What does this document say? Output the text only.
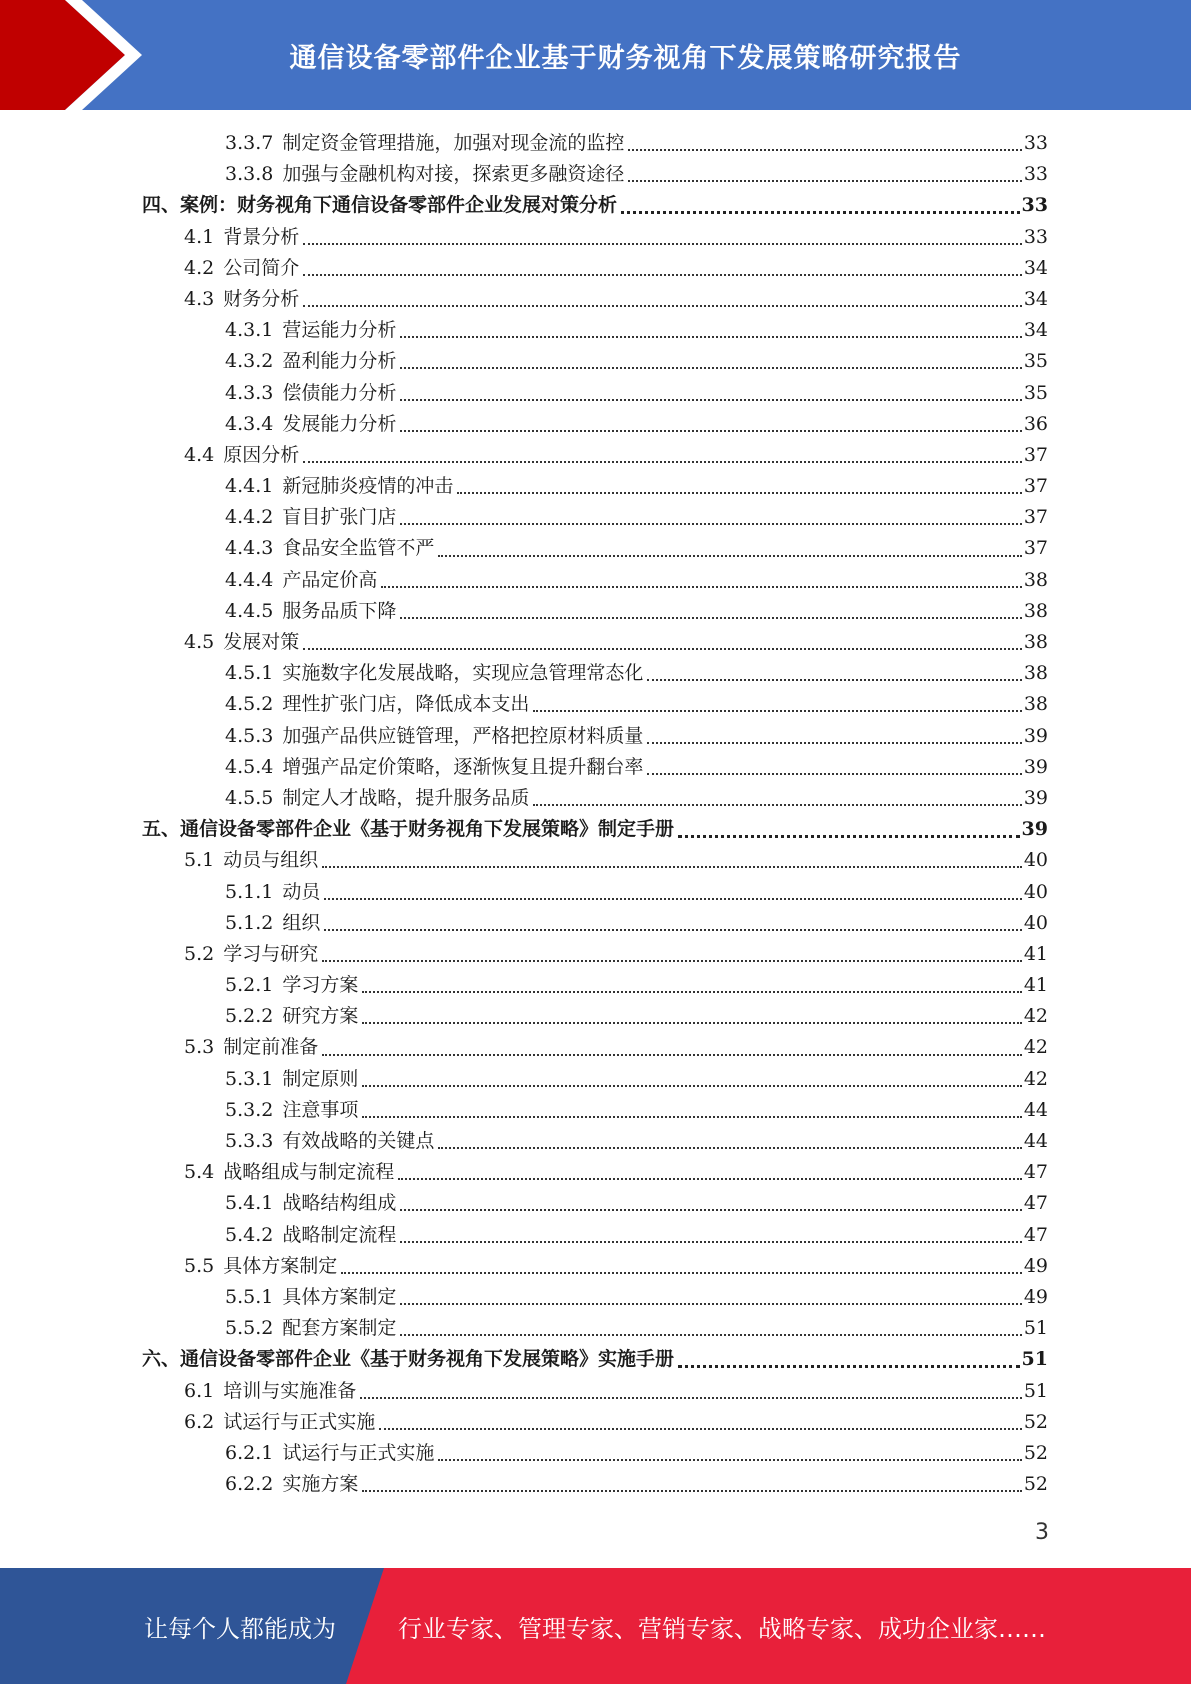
通信设备零部件企业基于财务视角下发展策略研究报告
3.3.7 制定资金管理措施，加强对现金流的监控	33
3.3.8 加强与金融机构对接，探索更多融资途径	33
四、 案例：财务视角下通信设备零部件企业发展对策分析	33
4.1 背景分析	33
4.2 公司简介	34
4.3 财务分析	34
4.3.1 营运能力分析	34
4.3.2 盈利能力分析	35
4.3.3 偿债能力分析	35
4.3.4 发展能力分析	36
4.4 原因分析	37
4.4.1 新冠肺炎疫情的冲击	37
4.4.2 盲目扩张门店	37
4.4.3 食品安全监管不严	37
4.4.4 产品定价高	38
4.4.5 服务品质下降	38
4.5 发展对策	38
4.5.1 实施数字化发展战略，实现应急管理常态化	38
4.5.2 理性扩张门店，降低成本支出	38
4.5.3 加强产品供应链管理，严格把控原材料质量	39
4.5.4 增强产品定价策略，逐渐恢复且提升翻台率	39
4.5.5 制定人才战略，提升服务品质	39
五、 通信设备零部件企业《基于财务视角下发展策略》制定手册	39
5.1 动员与组织	40
5.1.1 动员	40
5.1.2 组织	40
5.2 学习与研究	41
5.2.1 学习方案	41
5.2.2 研究方案	42
5.3 制定前准备	42
5.3.1 制定原则	42
5.3.2 注意事项	44
5.3.3 有效战略的关键点	44
5.4 战略组成与制定流程	47
5.4.1 战略结构组成	47
5.4.2 战略制定流程	47
5.5 具体方案制定	49
5.5.1 具体方案制定	49
5.5.2 配套方案制定	51
六、 通信设备零部件企业《基于财务视角下发展策略》实施手册	51
6.1 培训与实施准备	51
6.2 试运行与正式实施	52
6.2.1 试运行与正式实施	52
6.2.2 实施方案	52
3
让每个人都能成为	行业专家、管理专家、营销专家、战略专家、成功企业家……
